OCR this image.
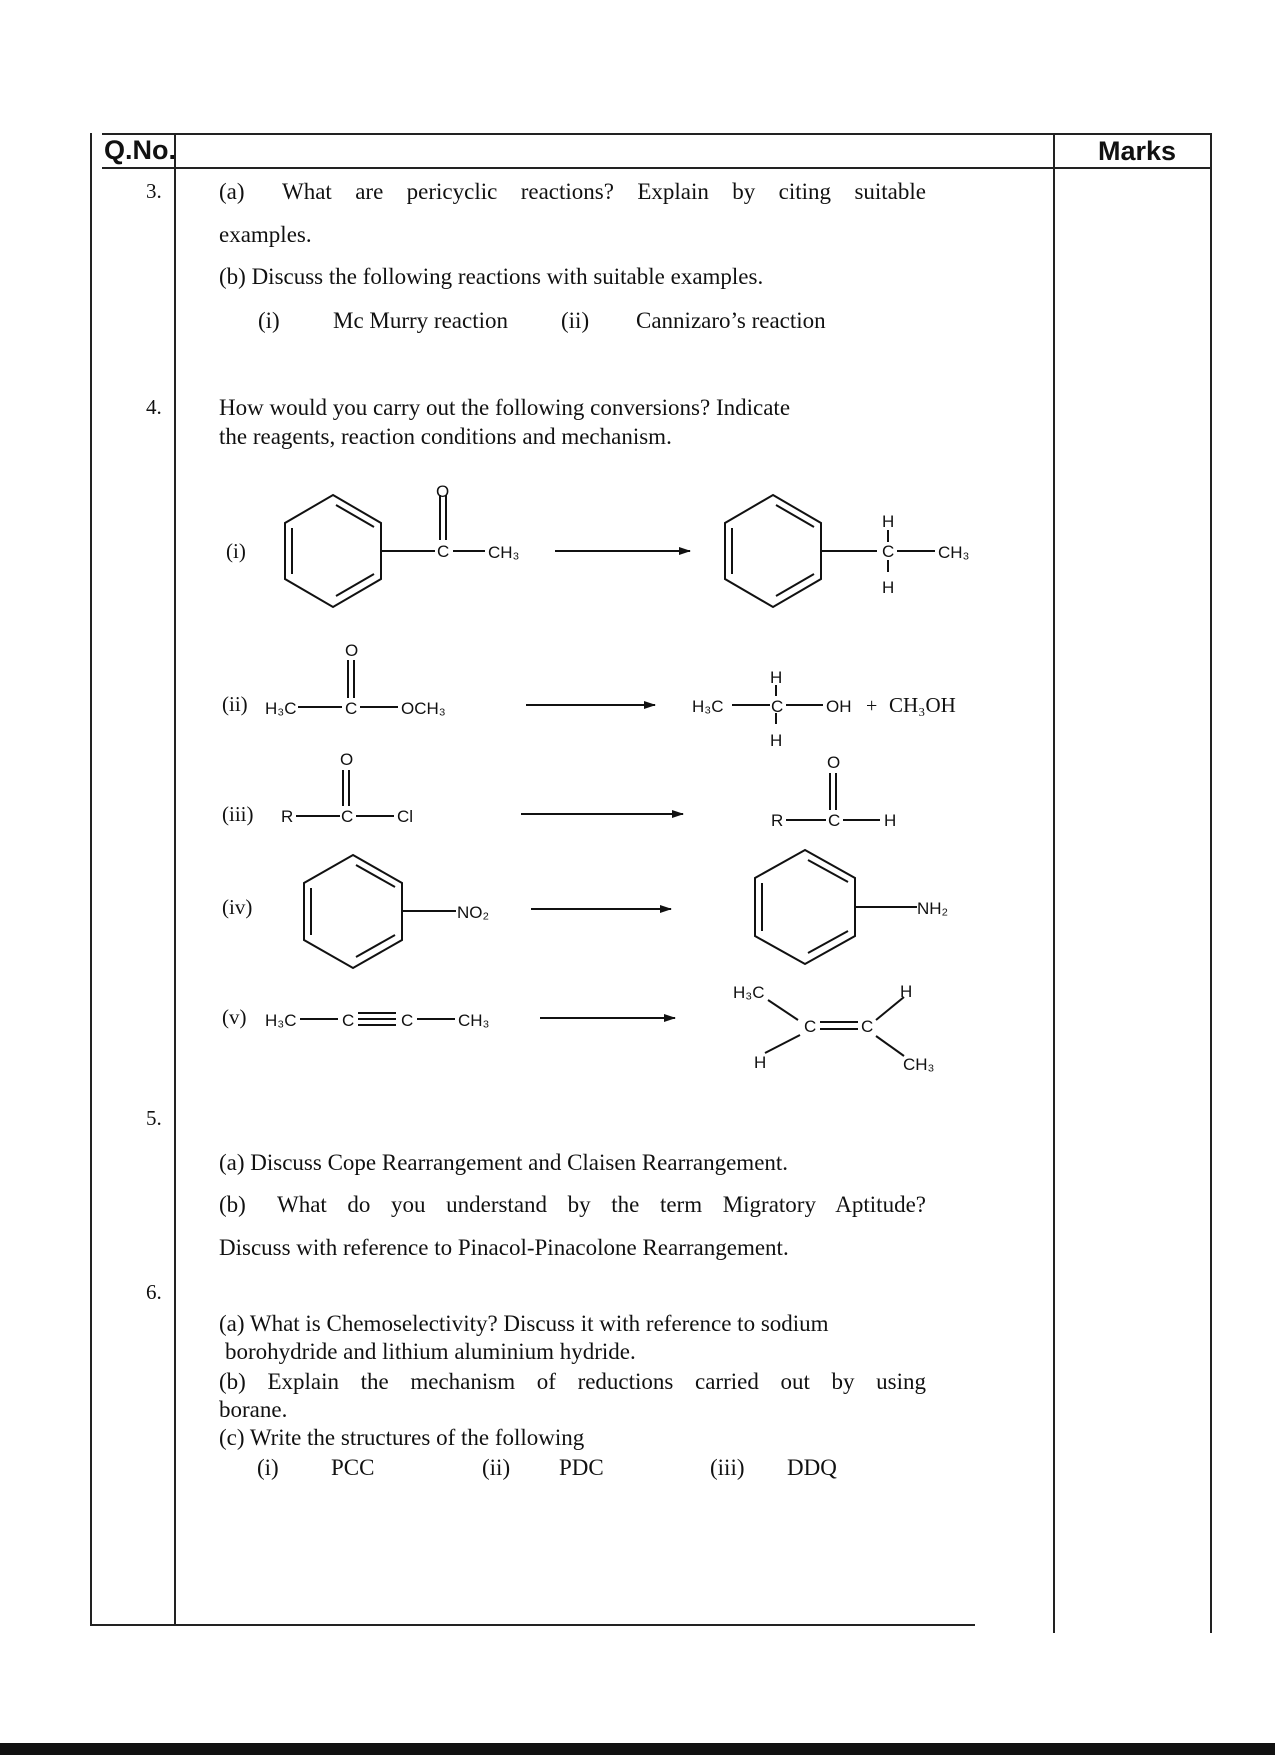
Q.No.	Marks
3. (a) What are pericyclic reactions? Explain by citing suitable
examples.
(b) Discuss the following reactions with suitable examples.
(i) Mc Murry reaction (ii) Cannizaro’s reaction
4. How would you carry out the following conversions? Indicate
the reagents, reaction conditions and mechanism.
(i)
(ii)
(iii)
(iv)
(v)
O
C CH₃
H
C
H
CH₃
H₃C
O
C	OCH₃	H₃C
H
C
H
OH + CH₃OH
R
O
C	Cl	R
O
C	H
NO₂	NH₂
H₃C	C	C	CH₃
H₃C	H
C	C
H	CH₃
5.
(a) Discuss Cope Rearrangement and Claisen Rearrangement.
(b) What do you understand by the term Migratory Aptitude?
Discuss with reference to Pinacol-Pinacolone Rearrangement.
6.
(a) What is Chemoselectivity? Discuss it with reference to sodium
borohydride and lithium aluminium hydride.
(b) Explain the mechanism of reductions carried out by using
borane.
(c) Write the structures of the following
(i) PCC	(ii) PDC	(iii) DDQ
